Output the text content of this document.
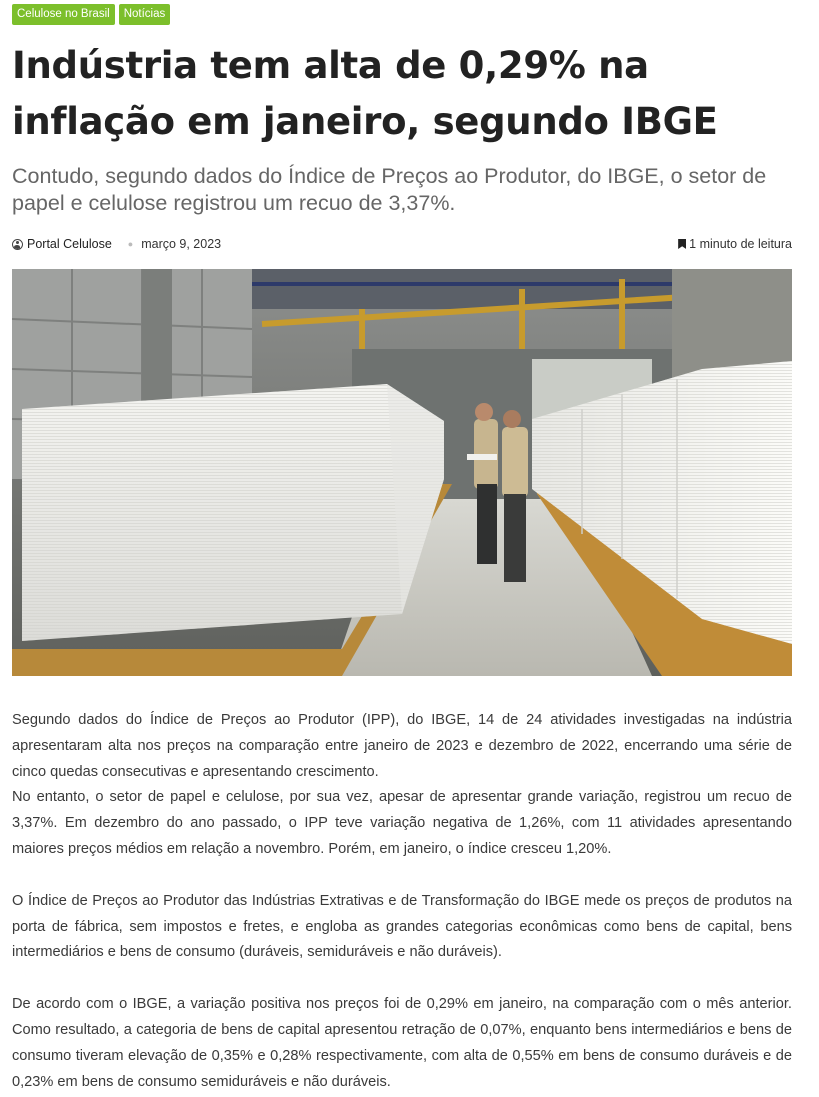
Celulose no Brasil	Notícias
Indústria tem alta de 0,29% na inflação em janeiro, segundo IBGE

Contudo, segundo dados do Índice de Preços ao Produtor, do IBGE, o setor de papel e celulose registrou um recuo de 3,37%.

Portal Celulose ● março 9, 2023	1 minuto de leitura

Segundo dados do Índice de Preços ao Produtor (IPP), do IBGE, 14 de 24 atividades investigadas na indústria apresentaram alta nos preços na comparação entre janeiro de 2023 e dezembro de 2022, encerrando uma série de cinco quedas consecutivas e apresentando crescimento.

No entanto, o setor de papel e celulose, por sua vez, apesar de apresentar grande variação, registrou um recuo de 3,37%. Em dezembro do ano passado, o IPP teve variação negativa de 1,26%, com 11 atividades apresentando maiores preços médios em relação a novembro. Porém, em janeiro, o índice cresceu 1,20%.

O Índice de Preços ao Produtor das Indústrias Extrativas e de Transformação do IBGE mede os preços de produtos na porta de fábrica, sem impostos e fretes, e engloba as grandes categorias econômicas como bens de capital, bens intermediários e bens de consumo (duráveis, semiduráveis e não duráveis).

De acordo com o IBGE, a variação positiva nos preços foi de 0,29% em janeiro, na comparação com o mês anterior. Como resultado, a categoria de bens de capital apresentou retração de 0,07%, enquanto bens intermediários e bens de consumo tiveram elevação de 0,35% e 0,28% respectivamente, com alta de 0,55% em bens de consumo duráveis e de 0,23% em bens de consumo semiduráveis e não duráveis.
